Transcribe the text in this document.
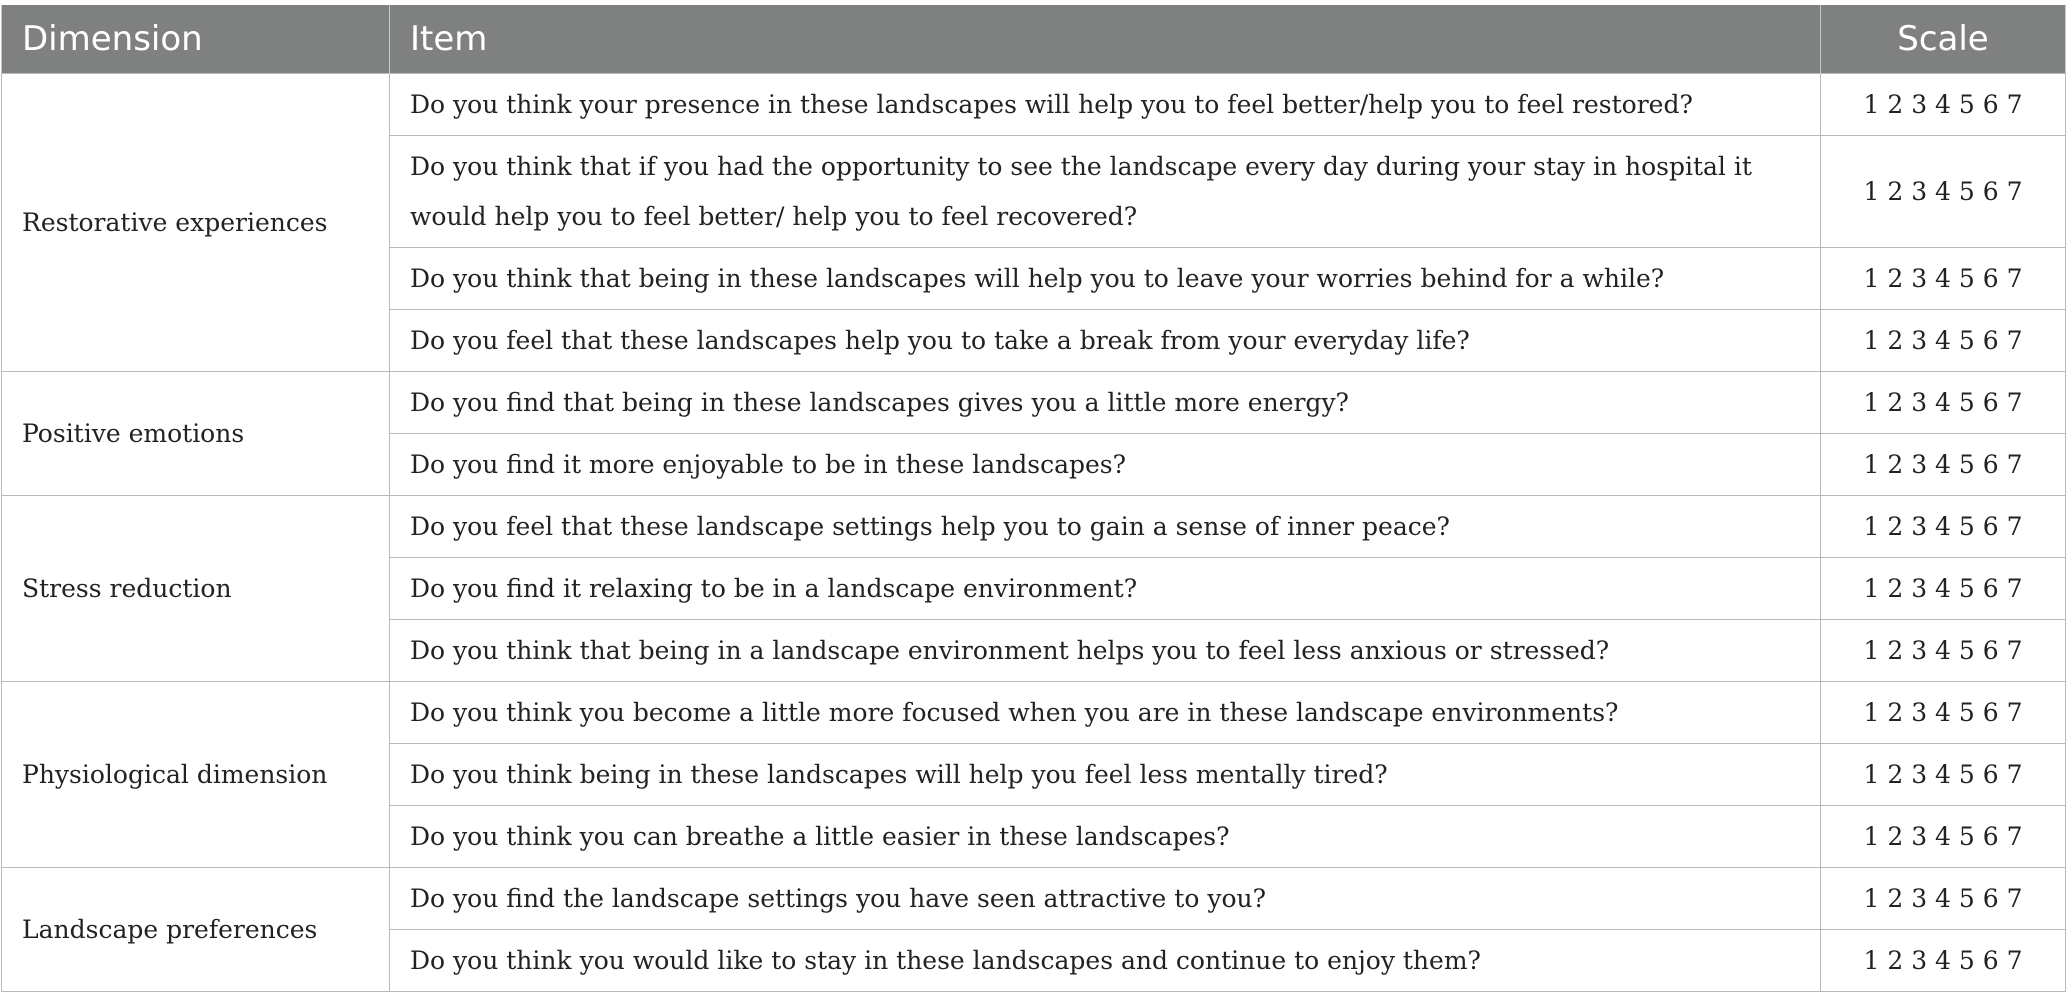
Dimension	Item	Scale
Restorative experiences	Do you think your presence in these landscapes will help you to feel better/help you to feel restored?	1 2 3 4 5 6 7
	Do you think that if you had the opportunity to see the landscape every day during your stay in hospital it would help you to feel better/ help you to feel recovered?	1 2 3 4 5 6 7
	Do you think that being in these landscapes will help you to leave your worries behind for a while?	1 2 3 4 5 6 7
	Do you feel that these landscapes help you to take a break from your everyday life?	1 2 3 4 5 6 7
Positive emotions	Do you find that being in these landscapes gives you a little more energy?	1 2 3 4 5 6 7
	Do you find it more enjoyable to be in these landscapes?	1 2 3 4 5 6 7
Stress reduction	Do you feel that these landscape settings help you to gain a sense of inner peace?	1 2 3 4 5 6 7
	Do you find it relaxing to be in a landscape environment?	1 2 3 4 5 6 7
	Do you think that being in a landscape environment helps you to feel less anxious or stressed?	1 2 3 4 5 6 7
Physiological dimension	Do you think you become a little more focused when you are in these landscape environments?	1 2 3 4 5 6 7
	Do you think being in these landscapes will help you feel less mentally tired?	1 2 3 4 5 6 7
	Do you think you can breathe a little easier in these landscapes?	1 2 3 4 5 6 7
Landscape preferences	Do you find the landscape settings you have seen attractive to you?	1 2 3 4 5 6 7
	Do you think you would like to stay in these landscapes and continue to enjoy them?	1 2 3 4 5 6 7
